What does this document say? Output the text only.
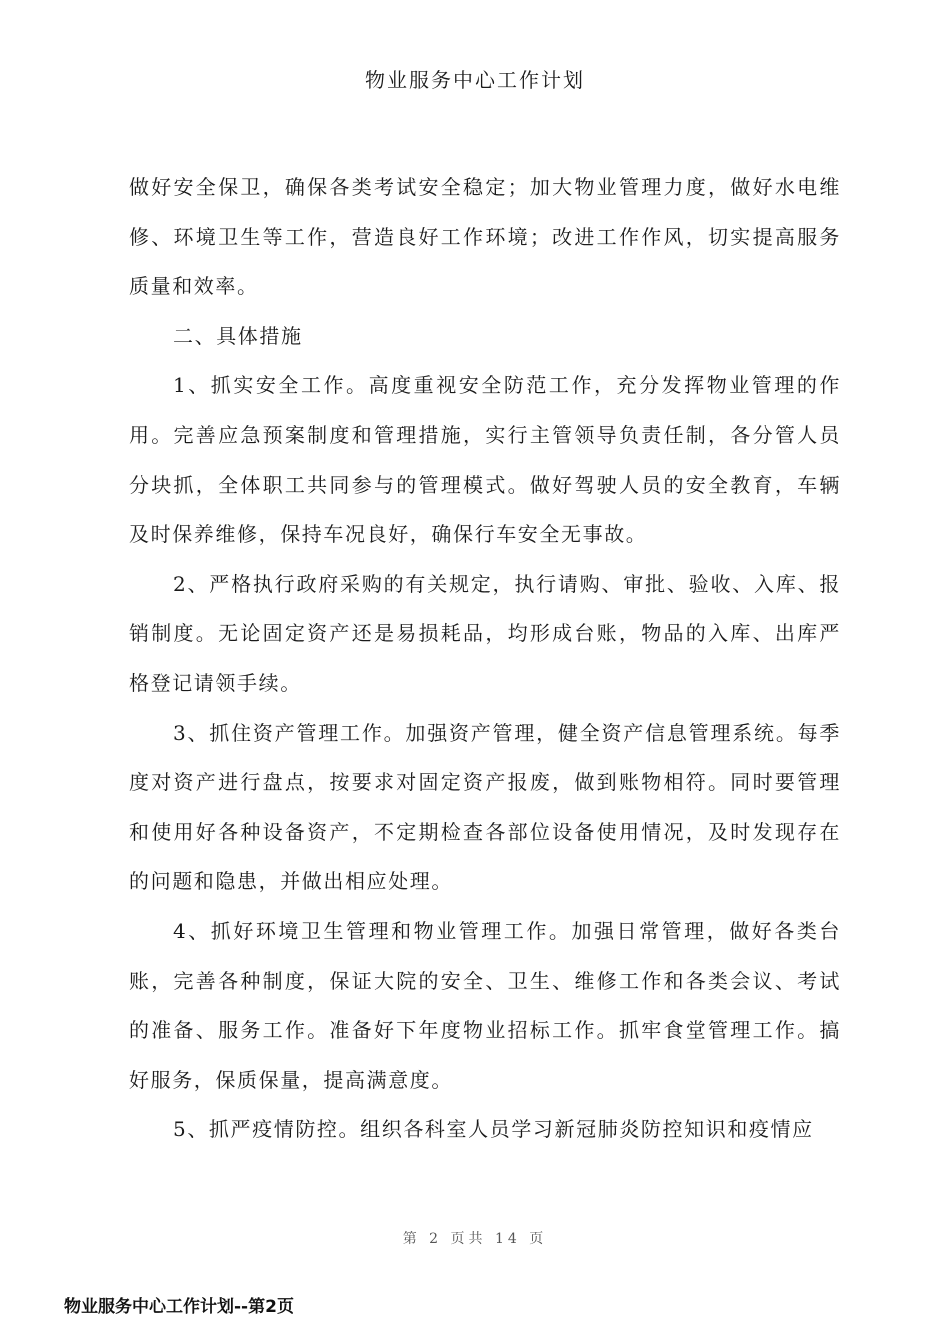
物业服务中心工作计划

做好安全保卫，确保各类考试安全稳定；加大物业管理力度，做好水电维修、环境卫生等工作，营造良好工作环境；改进工作作风，切实提高服务质量和效率。

二、具体措施

1、抓实安全工作。高度重视安全防范工作，充分发挥物业管理的作用。完善应急预案制度和管理措施，实行主管领导负责任制，各分管人员分块抓，全体职工共同参与的管理模式。做好驾驶人员的安全教育，车辆及时保养维修，保持车况良好，确保行车安全无事故。

2、严格执行政府采购的有关规定，执行请购、审批、验收、入库、报销制度。无论固定资产还是易损耗品，均形成台账，物品的入库、出库严格登记请领手续。

3、抓住资产管理工作。加强资产管理，健全资产信息管理系统。每季度对资产进行盘点，按要求对固定资产报废，做到账物相符。同时要管理和使用好各种设备资产，不定期检查各部位设备使用情况，及时发现存在的问题和隐患，并做出相应处理。

4、抓好环境卫生管理和物业管理工作。加强日常管理，做好各类台账，完善各种制度，保证大院的安全、卫生、维修工作和各类会议、考试的准备、服务工作。准备好下年度物业招标工作。抓牢食堂管理工作。搞好服务，保质保量，提高满意度。

5、抓严疫情防控。组织各科室人员学习新冠肺炎防控知识和疫情应

第 2 页共 14 页
物业服务中心工作计划--第2页
